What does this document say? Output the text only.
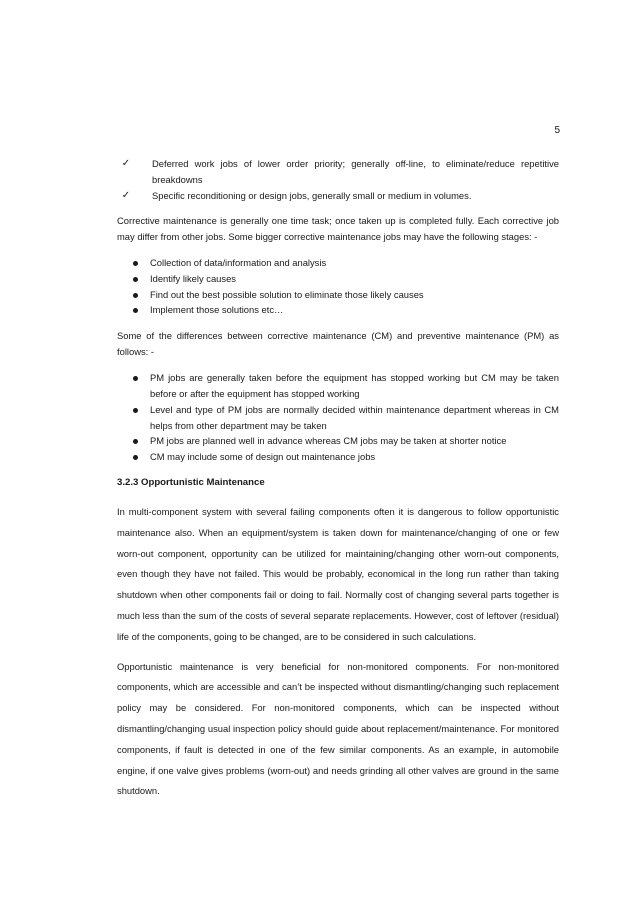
5
✓ Deferred work jobs of lower order priority; generally off-line, to eliminate/reduce repetitive breakdowns
✓ Specific reconditioning or design jobs, generally small or medium in volumes.

Corrective maintenance is generally one time task; once taken up is completed fully. Each corrective job may differ from other jobs. Some bigger corrective maintenance jobs may have the following stages: -

Collection of data/information and analysis
Identify likely causes
Find out the best possible solution to eliminate those likely causes
Implement those solutions etc…

Some of the differences between corrective maintenance (CM) and preventive maintenance (PM) as follows: -

PM jobs are generally taken before the equipment has stopped working but CM may be taken before or after the equipment has stopped working
Level and type of PM jobs are normally decided within maintenance department whereas in CM helps from other department may be taken
PM jobs are planned well in advance whereas CM jobs may be taken at shorter notice
CM may include some of design out maintenance jobs
3.2.3 Opportunistic Maintenance

In multi-component system with several failing components often it is dangerous to follow opportunistic maintenance also. When an equipment/system is taken down for maintenance/changing of one or few worn-out component, opportunity can be utilized for maintaining/changing other worn-out components, even though they have not failed. This would be probably, economical in the long run rather than taking shutdown when other components fail or doing to fail. Normally cost of changing several parts together is much less than the sum of the costs of several separate replacements. However, cost of leftover (residual) life of the components, going to be changed, are to be considered in such calculations.

Opportunistic maintenance is very beneficial for non-monitored components. For non-monitored components, which are accessible and can’t be inspected without dismantling/changing such replacement policy may be considered. For non-monitored components, which can be inspected without dismantling/changing usual inspection policy should guide about replacement/maintenance. For monitored components, if fault is detected in one of the few similar components. As an example, in automobile engine, if one valve gives problems (worn-out) and needs grinding all other valves are ground in the same shutdown.
